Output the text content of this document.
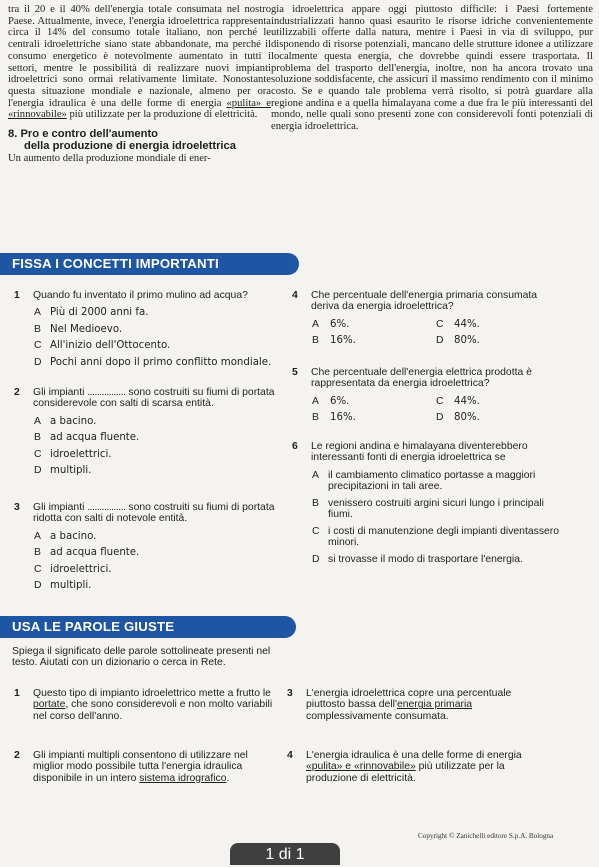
tra il 20 e il 40% dell'energia totale consumata nel nostro Paese. Attualmente, invece, l'energia idroelettrica rappresenta circa il 14% del consumo totale italiano, non perché le centrali idroelettriche siano state abbandonate, ma perché il consumo energetico è notevolmente aumentato in tutti i settori, mentre le possibilità di realizzare nuovi impianti idroelettrici sono ormai relativamente limitate. Nonostante questa situazione mondiale e nazionale, almeno per ora l'energia idraulica è una delle forme di energia «pulita» e «rinnovabile» più utilizzate per la produzione di elettricità.

8. Pro e contro dell'aumento
della produzione di energia idroelettrica

Un aumento della produzione mondiale di ener-

gia idroelettrica appare oggi piuttosto difficile: i Paesi fortemente industrializzati hanno quasi esaurito le risorse idriche convenientemente utilizzabili offerte dalla natura, mentre i Paesi in via di sviluppo, pur disponendo di risorse potenziali, mancano delle strutture idonee a utilizzare localmente questa energia, che dovrebbe quindi essere trasportata. Il problema del trasporto dell'energia, inoltre, non ha ancora trovato una soluzione soddisfacente, che assicuri il massimo rendimento con il minimo costo. Se e quando tale problema verrà risolto, si potrà guardare alla regione andina e a quella himalayana come a due fra le più interessanti del mondo, nelle quali sono presenti zone con considerevoli fonti potenziali di energia idroelettrica.

FISSA I CONCETTI IMPORTANTI
1 Quando fu inventato il primo mulino ad acqua?
A Più di 2000 anni fa.
B Nel Medioevo.
C All'inizio dell'Ottocento.
D Pochi anni dopo il primo conflitto mondiale.
2 Gli impianti ................ sono costruiti su fiumi di portata considerevole con salti di scarsa entità.
A a bacino.
B ad acqua fluente.
C idroelettrici.
D multipli.
3 Gli impianti ................ sono costruiti su fiumi di portata ridotta con salti di notevole entità.
A a bacino.
B ad acqua fluente.
C idroelettrici.
D multipli.
4 Che percentuale dell'energia primaria consumata deriva da energia idroelettrica?
A	6%.	C	44%.
B	16%.	D	80%.
5 Che percentuale dell'energia elettrica prodotta è rappresentata da energia idroelettrica?
A	6%.	C	44%.
B	16%.	D	80%.
6 Le regioni andina e himalayana diventerebbero interessanti fonti di energia idroelettrica se
A il cambiamento climatico portasse a maggiori precipitazioni in tali aree.
B venissero costruiti argini sicuri lungo i principali fiumi.
C i costi di manutenzione degli impianti diventassero minori.
D si trovasse il modo di trasportare l'energia.
USA LE PAROLE GIUSTE
Spiega il significato delle parole sottolineate presenti nel testo. Aiutati con un dizionario o cerca in Rete.
1 Questo tipo di impianto idroelettrico mette a frutto le portate, che sono considerevoli e non molto variabili nel corso dell'anno.
2 Gli impianti multipli consentono di utilizzare nel miglior modo possibile tutta l'energia idraulica disponibile in un intero sistema idrografico.
3 L'energia idroelettrica copre una percentuale piuttosto bassa dell'energia primaria complessivamente consumata.
4 L'energia idraulica è una delle forme di energia «pulita» e «rinnovabile» più utilizzate per la produzione di elettricità.
Copyright © Zanichelli editore S.p.A. Bologna
1 di 1
